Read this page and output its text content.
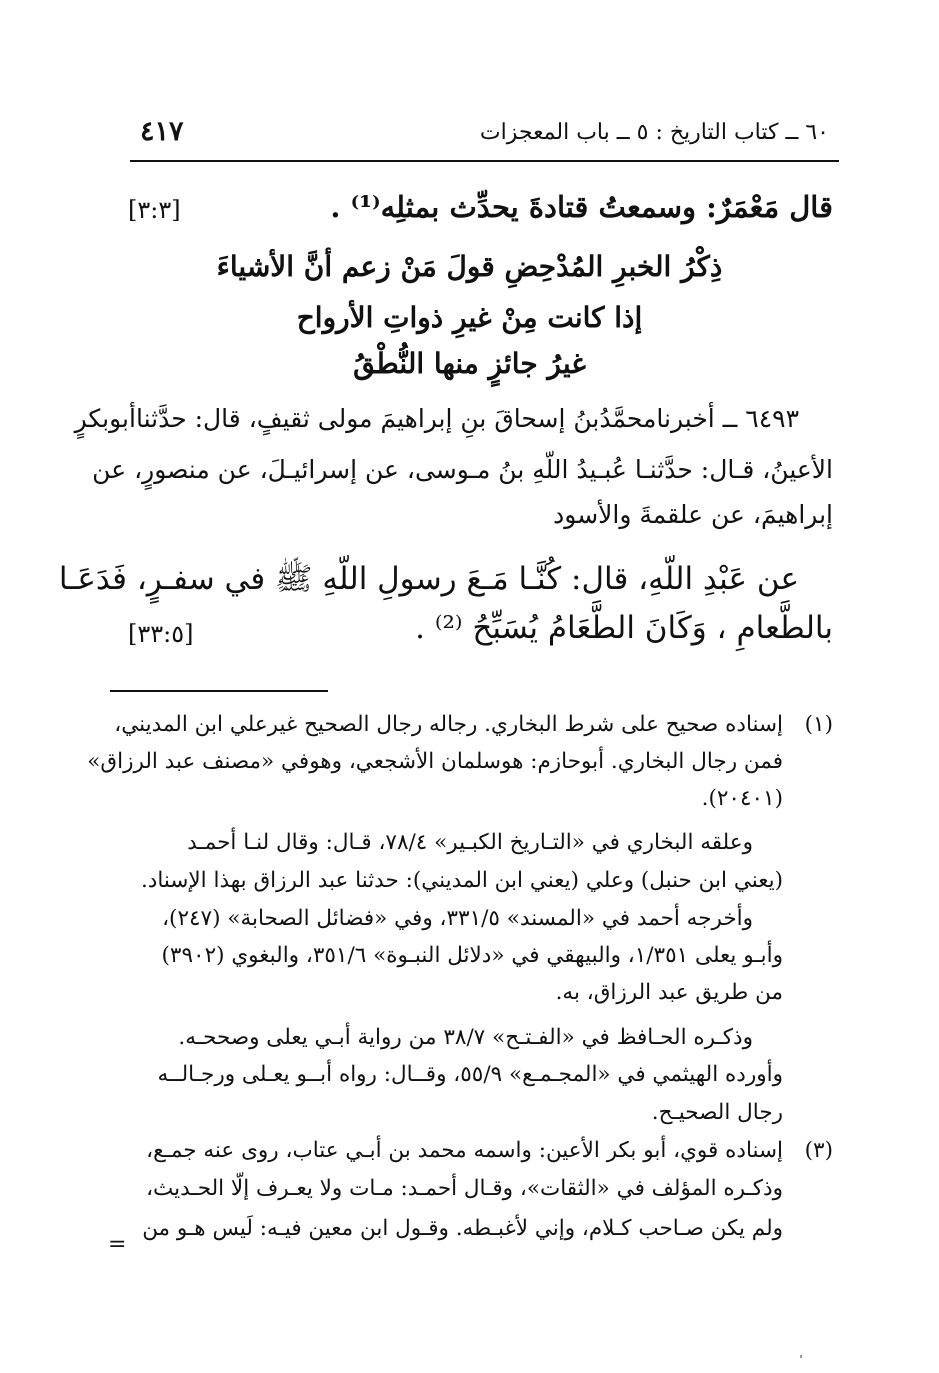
٦٠ ــ كتاب التاريخ : ٥ ــ باب المعجزات
٤١٧
قال مَعْمَرٌ: وسمعتُ قتادةَ يحدِّث بمثلِه⁽¹⁾ .
[٣:٣]
ذِكْرُ الخبرِ المُدْحِضِ قولَ مَنْ زعم أنَّ الأشياءَ
إذا كانت مِنْ غيرِ ذواتِ الأرواح
غيرُ جائزٍ منها النُّطْقُ
٦٤٩٣ ــ أخبرنامحمَّدُبنُ إسحاقَ بنِ إبراهيمَ مولى ثقيفٍ، قال: حدَّثناأبوبكرٍ
الأعينُ، قـال: حدَّثنـا عُبـيدُ اللّهِ بنُ مـوسى، عن إسرائيـلَ، عن منصورٍ، عن
إبراهيمَ، عن علقمةَ والأسود
عن عَبْدِ اللّهِ، قال: كُنَّـا مَـعَ رسولِ اللّهِ ﷺ في سفـرٍ، فَدَعَـا
بالطَّعامِ ، وَكَانَ الطَّعَامُ يُسَبِّحُ ⁽²⁾ .
[٣٣:٥]
(١)
إسناده صحيح على شرط البخاري. رجاله رجال الصحيح غيرعلي ابن المديني،
فمن رجال البخاري. أبوحازم: هوسلمان الأشجعي، وهوفي «مصنف عبد الرزاق»
(٢٠٤٠١).
وعلقه البخاري في «التـاريخ الكبـير» ٧٨/٤، قـال: وقال لنـا أحمـد
(يعني ابن حنبل) وعلي (يعني ابن المديني): حدثنا عبد الرزاق بهذا الإسناد.
وأخرجه أحمد في «المسند» ٣٣١/٥، وفي «فضائل الصحابة» (٢٤٧)،
وأبـو يعلى ١/٣٥١، والبيهقي في «دلائل النبـوة» ٣٥١/٦، والبغوي (٣٩٠٢)
من طريق عبد الرزاق، به.
وذكـره الحـافظ في «الفـتـح» ٣٨/٧ من رواية أبـي يعلى وصححـه.
وأورده الهيثمي في «المجـمـع» ٥٥/٩، وقــال: رواه أبــو يعـلى ورجـالــه
رجال الصحيـح.
(٣)
إسناده قوي، أبو بكر الأعين: واسمه محمد بن أبـي عتاب، روى عنه جمـع،
وذكـره المؤلف في «الثقات»، وقـال أحمـد: مـات ولا يعـرف إلّا الحـديث،
ولم يكن صـاحب كـلام، وإني لأغبـطه. وقـول ابن معين فيـه: لَيس هـو من
=
